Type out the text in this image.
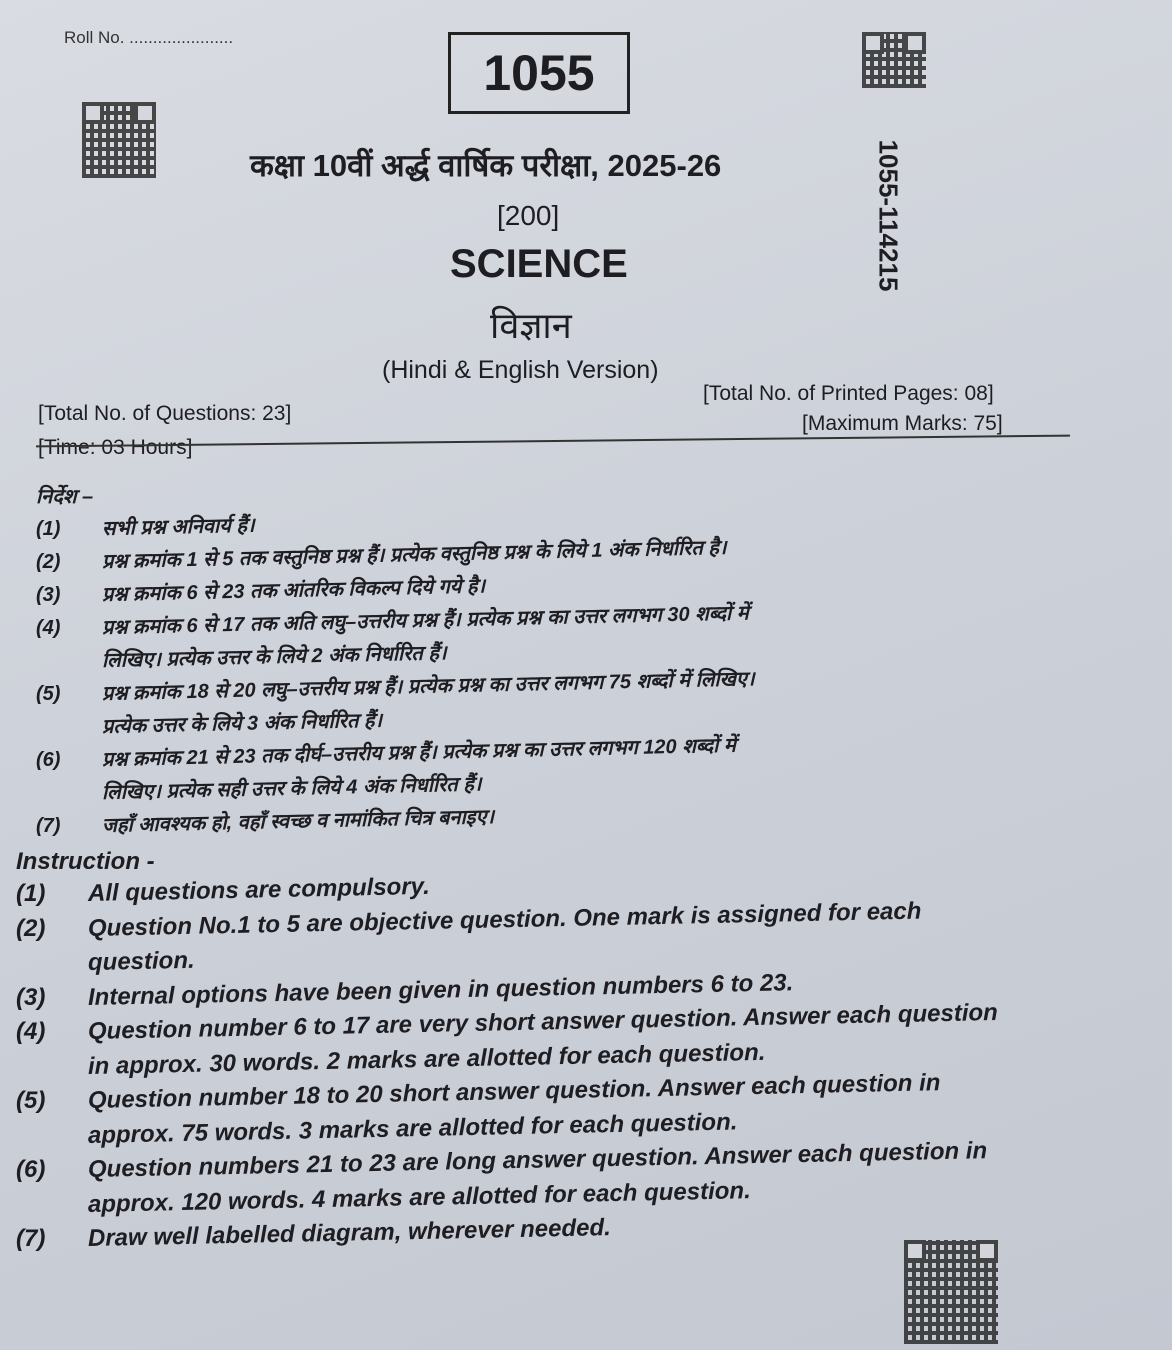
Roll No. ......................
1055
1055-114215
कक्षा 10वीं अर्द्ध वार्षिक परीक्षा, 2025-26
[200]
SCIENCE
विज्ञान
(Hindi & English Version)
[Total No. of Questions: 23]
[Time: 03 Hours]
[Total No. of Printed Pages: 08]
[Maximum Marks: 75]
निर्देश –
(1) सभी प्रश्न अनिवार्य हैं।
(2) प्रश्न क्रमांक 1 से 5 तक वस्तुनिष्ठ प्रश्न हैं। प्रत्येक वस्तुनिष्ठ प्रश्न के लिये 1 अंक निर्धारित है।
(3) प्रश्न क्रमांक 6 से 23 तक आंतरिक विकल्प दिये गये है।
(4) प्रश्न क्रमांक 6 से 17 तक अति लघु–उत्तरीय प्रश्न हैं। प्रत्येक प्रश्न का उत्तर लगभग 30 शब्दों में
लिखिए। प्रत्येक उत्तर के लिये 2 अंक निर्धारित हैं।
(5) प्रश्न क्रमांक 18 से 20 लघु–उत्तरीय प्रश्न हैं। प्रत्येक प्रश्न का उत्तर लगभग 75 शब्दों में लिखिए।
प्रत्येक उत्तर के लिये 3 अंक निर्धारित हैं।
(6) प्रश्न क्रमांक 21 से 23 तक दीर्घ–उत्तरीय प्रश्न हैं। प्रत्येक प्रश्न का उत्तर लगभग 120 शब्दों में
लिखिए। प्रत्येक सही उत्तर के लिये 4 अंक निर्धारित हैं।
(7) जहाँ आवश्यक हो, वहाँ स्वच्छ व नामांकित चित्र बनाइए।
Instruction -
(1) All questions are compulsory.
(2) Question No.1 to 5 are objective question. One mark is assigned for each
question.
(3) Internal options have been given in question numbers 6 to 23.
(4) Question number 6 to 17 are very short answer question. Answer each question
in approx. 30 words. 2 marks are allotted for each question.
(5) Question number 18 to 20 short answer question. Answer each question in
approx. 75 words. 3 marks are allotted for each question.
(6) Question numbers 21 to 23 are long answer question. Answer each question in
approx. 120 words. 4 marks are allotted for each question.
(7) Draw well labelled diagram, wherever needed.
